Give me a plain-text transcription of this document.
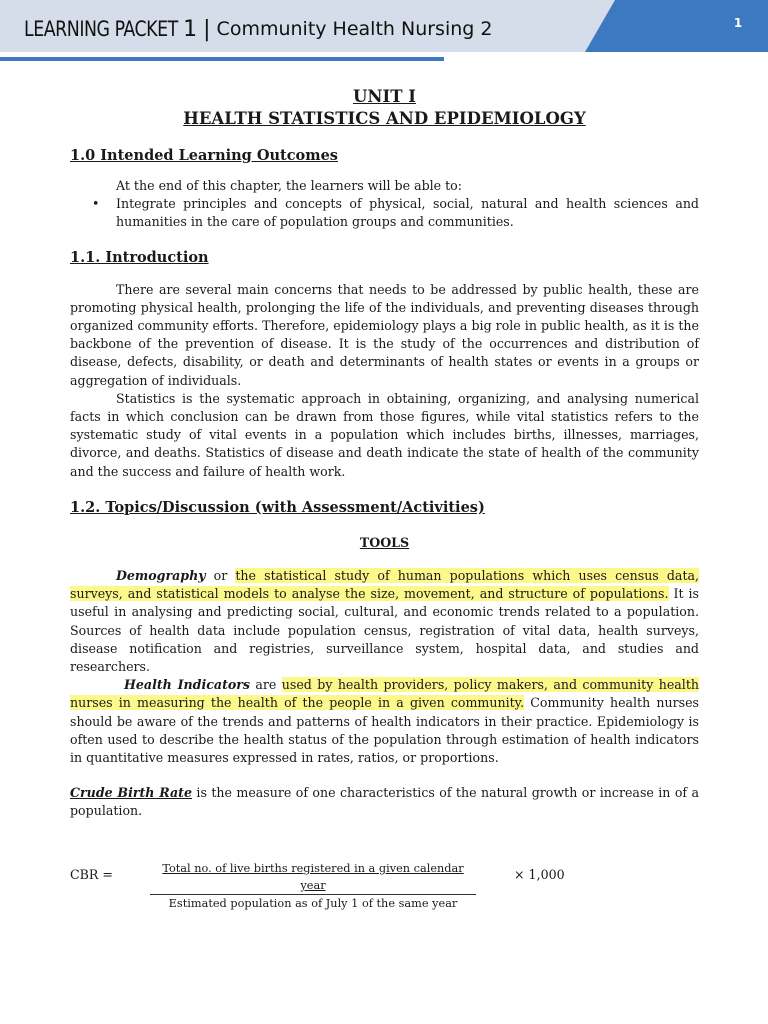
LEARNING PACKET 1 | Community Health Nursing 2	1
UNIT I
HEALTH STATISTICS AND EPIDEMIOLOGY
1.0 Intended Learning Outcomes

At the end of this chapter, the learners will be able to:

• Integrate principles and concepts of physical, social, natural and health sciences and humanities in the care of population groups and communities.
1.1. Introduction

There are several main concerns that needs to be addressed by public health, these are promoting physical health, prolonging the life of the individuals, and preventing diseases through organized community efforts. Therefore, epidemiology plays a big role in public health, as it is the backbone of the prevention of disease. It is the study of the occurrences and distribution of disease, defects, disability, or death and determinants of health states or events in a groups or aggregation of individuals.

Statistics is the systematic approach in obtaining, organizing, and analysing numerical facts in which conclusion can be drawn from those figures, while vital statistics refers to the systematic study of vital events in a population which includes births, illnesses, marriages, divorce, and deaths. Statistics of disease and death indicate the state of health of the community and the success and failure of health work.

1.2. Topics/Discussion (with Assessment/Activities)

TOOLS

Demography or the statistical study of human populations which uses census data, surveys, and statistical models to analyse the size, movement, and structure of populations. It is useful in analysing and predicting social, cultural, and economic trends related to a population. Sources of health data include population census, registration of vital data, health surveys, disease notification and registries, surveillance system, hospital data, and studies and researchers.

Health Indicators are used by health providers, policy makers, and community health nurses in measuring the health of the people in a given community. Community health nurses should be aware of the trends and patterns of health indicators in their practice. Epidemiology is often used to describe the health status of the population through estimation of health indicators in quantitative measures expressed in rates, ratios, or proportions.

Crude Birth Rate is the measure of one characteristics of the natural growth or increase in of a population.

CBR =	Total no. of live births registered in a given calendar year
Estimated population as of July 1 of the same year
× 1,000
